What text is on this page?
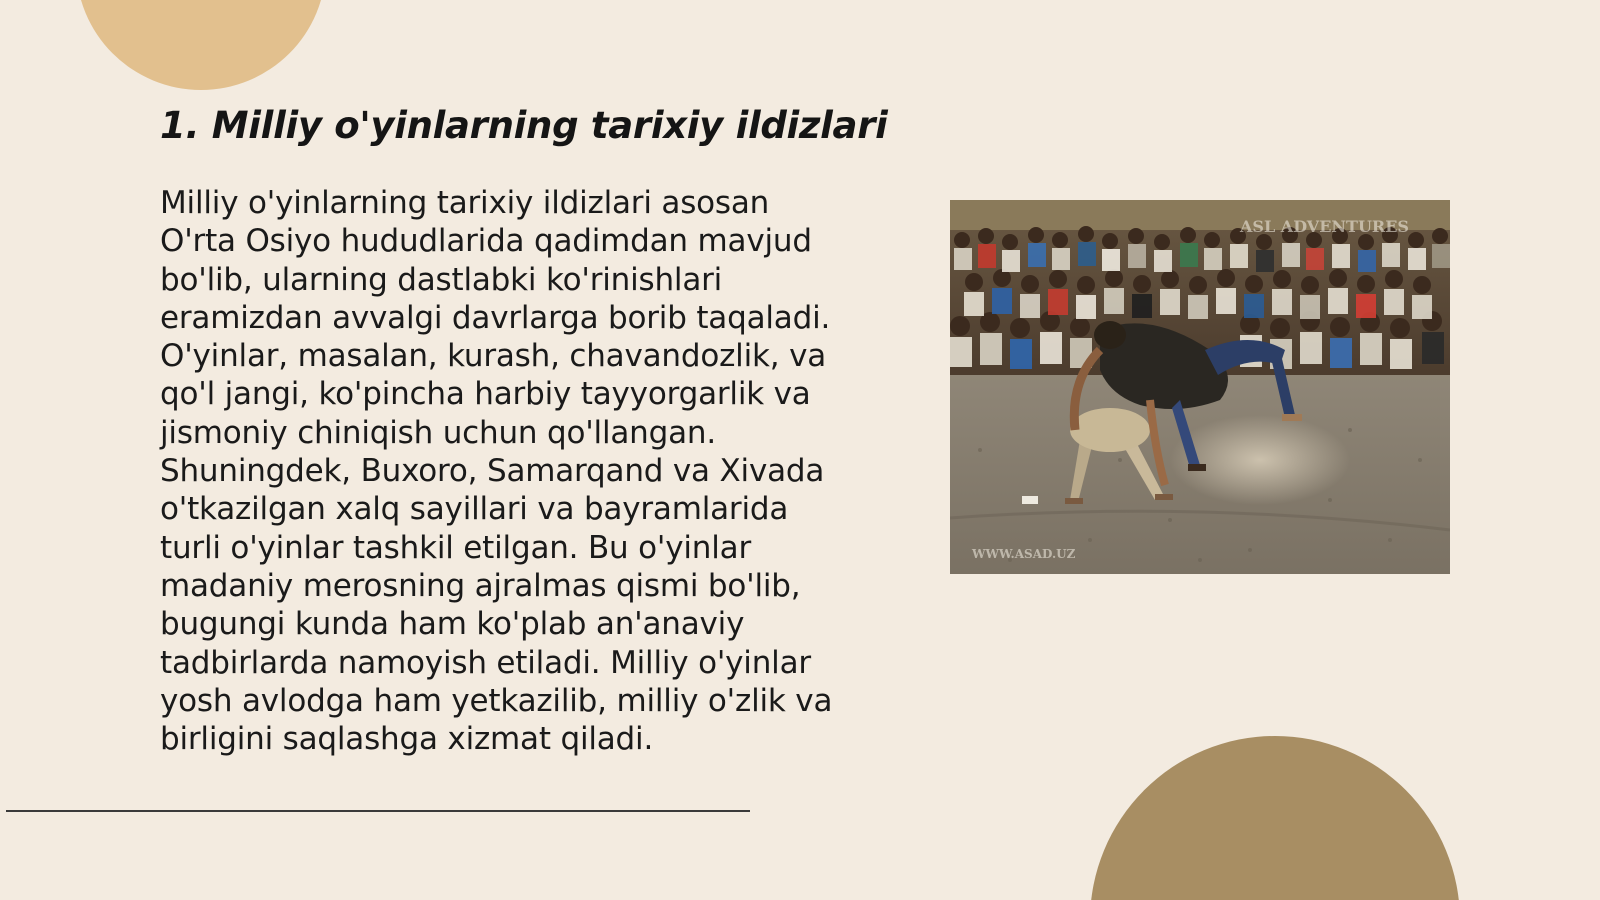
1. Milliy o'yinlarning tarixiy ildizlari

Milliy o'yinlarning tarixiy ildizlari asosan O'rta Osiyo hududlarida qadimdan mavjud bo'lib, ularning dastlabki ko'rinishlari eramizdan avvalgi davrlarga borib taqaladi. O'yinlar, masalan, kurash, chavandozlik, va qo'l jangi, ko'pincha harbiy tayyorgarlik va jismoniy chiniqish uchun qo'llangan. Shuningdek, Buxoro, Samarqand va Xivada o'tkazilgan xalq sayillari va bayramlarida turli o'yinlar tashkil etilgan. Bu o'yinlar madaniy merosning ajralmas qismi bo'lib, bugungi kunda ham ko'plab an'anaviy tadbirlarda namoyish etiladi. Milliy o'yinlar yosh avlodga ham yetkazilib, milliy o'zlik va birligini saqlashga xizmat qiladi.

ASL ADVENTURES
WWW.ASAD.UZ
